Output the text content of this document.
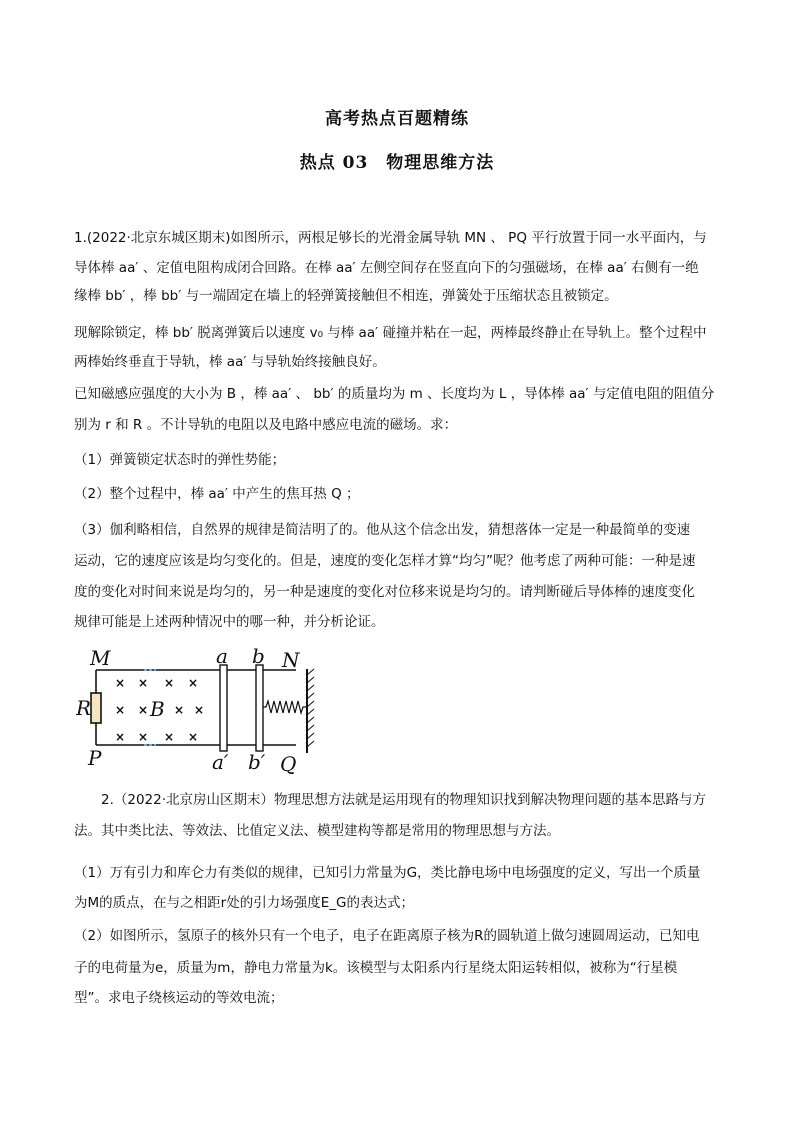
高考热点百题精练
热点 03　物理思维方法
1.(2022·北京东城区期末)如图所示，两根足够长的光滑金属导轨 MN 、 PQ 平行放置于同一水平面内，与
导体棒 aa′ 、定值电阻构成闭合回路。在棒 aa′ 左侧空间存在竖直向下的匀强磁场，在棒 aa′ 右侧有一绝
缘棒 bb′ ，棒 bb′ 与一端固定在墙上的轻弹簧接触但不相连，弹簧处于压缩状态且被锁定。
现解除锁定，棒 bb′ 脱离弹簧后以速度 v₀ 与棒 aa′ 碰撞并粘在一起，两棒最终静止在导轨上。整个过程中
两棒始终垂直于导轨，棒 aa′ 与导轨始终接触良好。
已知磁感应强度的大小为 B ，棒 aa′ 、 bb′ 的质量均为 m 、长度均为 L ，导体棒 aa′ 与定值电阻的阻值分
别为 r 和 R 。不计导轨的电阻以及电路中感应电流的磁场。求：
（1）弹簧锁定状态时的弹性势能；
（2）整个过程中，棒 aa′ 中产生的焦耳热 Q ；
（3）伽利略相信，自然界的规律是简洁明了的。他从这个信念出发，猜想落体一定是一种最简单的变速
运动，它的速度应该是均匀变化的。但是，速度的变化怎样才算“均匀”呢？他考虑了两种可能：一种是速
度的变化对时间来说是均匀的，另一种是速度的变化对位移来说是均匀的。请判断碰后导体棒的速度变化
规律可能是上述两种情况中的哪一种，并分析论证。
× × × ×
× × × ×
× × × ×
M
P
R	B
a
a′
b
b′
N
Q
　　2.（2022·北京房山区期末）物理思想方法就是运用现有的物理知识找到解决物理问题的基本思路与方
法。其中类比法、等效法、比值定义法、模型建构等都是常用的物理思想与方法。
（1）万有引力和库仑力有类似的规律，已知引力常量为G，类比静电场中电场强度的定义，写出一个质量
为M的质点，在与之相距r处的引力场强度E_G的表达式；
（2）如图所示，氢原子的核外只有一个电子，电子在距离原子核为R的圆轨道上做匀速圆周运动，已知电
子的电荷量为e，质量为m，静电力常量为k。该模型与太阳系内行星绕太阳运转相似，被称为“行星模
型”。求电子绕核运动的等效电流；
